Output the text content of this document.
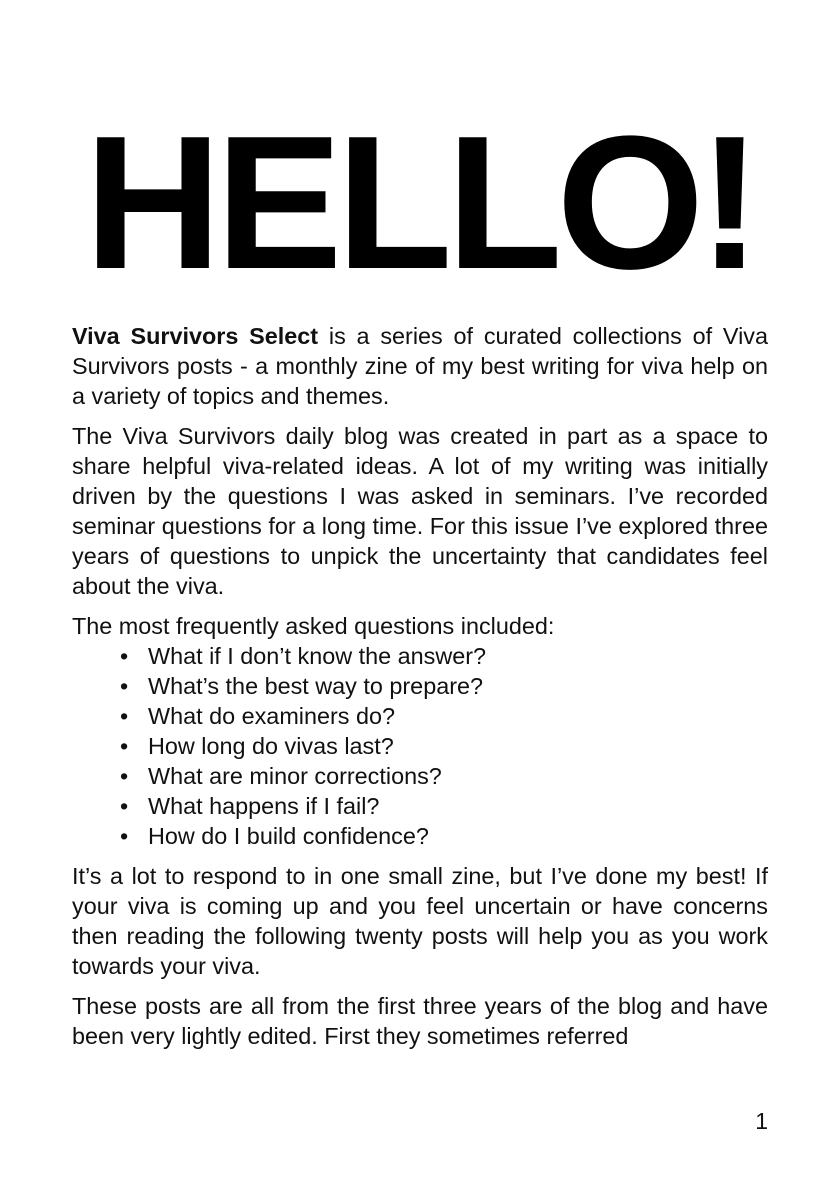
HELLO!

Viva Survivors Select is a series of curated collections of Viva Survivors posts - a monthly zine of my best writing for viva help on a variety of topics and themes.

The Viva Survivors daily blog was created in part as a space to share helpful viva-related ideas. A lot of my writing was initially driven by the questions I was asked in seminars. I’ve recorded seminar questions for a long time. For this issue I’ve explored three years of questions to unpick the uncertainty that candidates feel about the viva.

The most frequently asked questions included:

• What if I don’t know the answer?
• What’s the best way to prepare?
• What do examiners do?
• How long do vivas last?
• What are minor corrections?
• What happens if I fail?
• How do I build confidence?

It’s a lot to respond to in one small zine, but I’ve done my best! If your viva is coming up and you feel uncertain or have concerns then reading the following twenty posts will help you as you work towards your viva.

These posts are all from the first three years of the blog and have been very lightly edited. First they sometimes referred

1
